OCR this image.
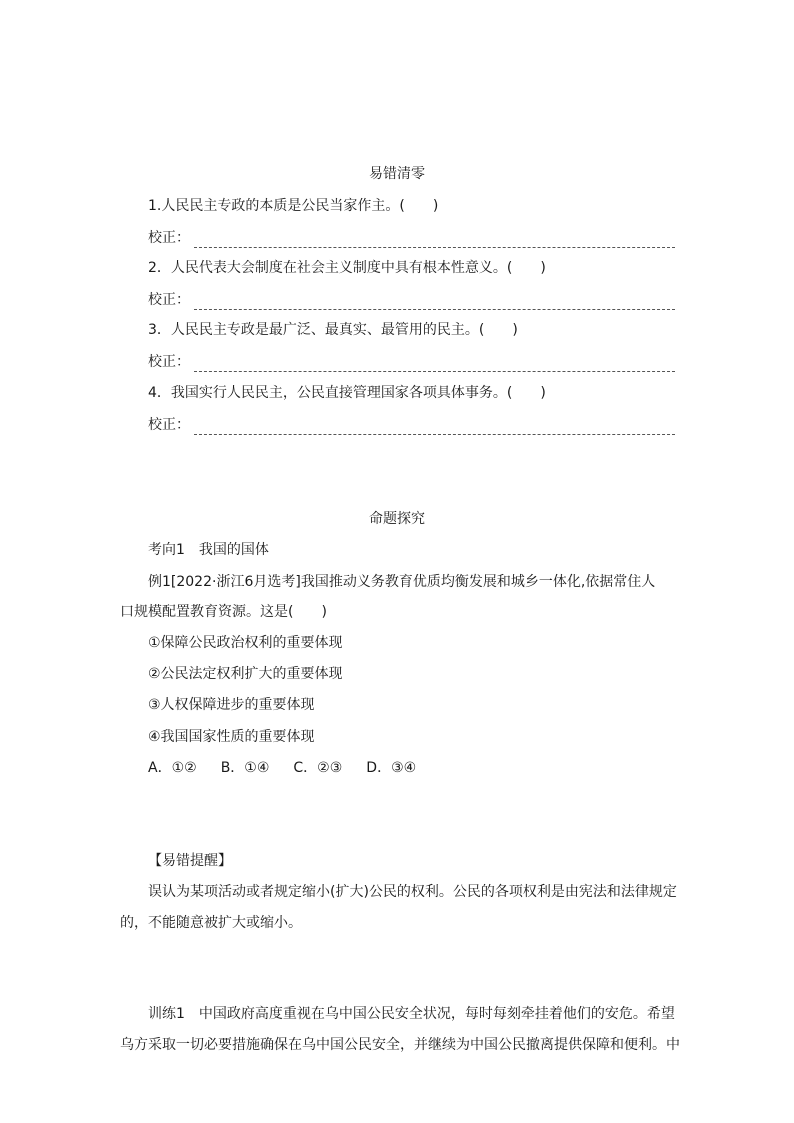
易错清零
1.人民民主专政的本质是公民当家作主。(　　)
校正：
2．人民代表大会制度在社会主义制度中具有根本性意义。(　　)
校正：
3．人民民主专政是最广泛、最真实、最管用的民主。(　　)
校正：
4．我国实行人民民主，公民直接管理国家各项具体事务。(　　)
校正：
命题探究
考向1　我国的国体
例1[2022·浙江6月选考]我国推动义务教育优质均衡发展和城乡一体化,依据常住人
口规模配置教育资源。这是(　　)
①保障公民政治权利的重要体现
②公民法定权利扩大的重要体现
③人权保障进步的重要体现
④我国国家性质的重要体现
A．①② B．①④ C．②③ D．③④
【易错提醒】
误认为某项活动或者规定缩小(扩大)公民的权利。公民的各项权利是由宪法和法律规定
的，不能随意被扩大或缩小。
训练1　中国政府高度重视在乌中国公民安全状况，每时每刻牵挂着他们的安危。希望
乌方采取一切必要措施确保在乌中国公民安全，并继续为中国公民撤离提供保障和便利。中
